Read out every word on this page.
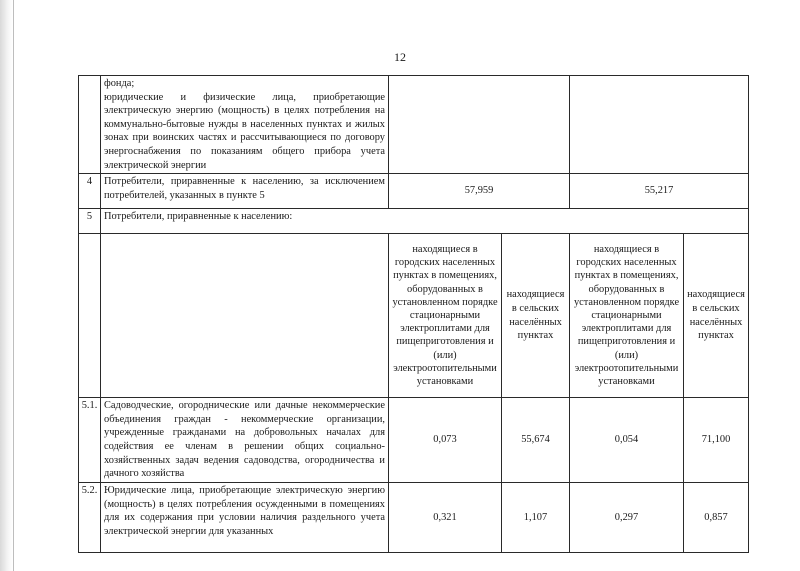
12

	фонда;
юридические и физические лица, приобретающие электрическую энергию (мощность) в целях потребления на коммунально-бытовые нужды в населенных пунктах и жилых зонах при воинских частях и рассчитывающиеся по договору энергоснабжения по показаниям общего прибора учета электрической энергии				

4	Потребители, приравненные к населению, за исключением потребителей, указанных в пункте 5	57,959		55,217	
5	Потребители, приравненные к населению:				
		находящиеся в городских населенных пунктах в помещениях, оборудованных в установленном порядке стационарными электроплитами для пищеприготовления и (или) электроотопительными установками	находящиеся в сельских населённых пунктах	находящиеся в городских населенных пунктах в помещениях, оборудованных в установленном порядке стационарными электроплитами для пищеприготовления и (или) электроотопительными установками	находящиеся в сельских населённых пунктах
5.1.	Садоводческие, огороднические или дачные некоммерческие объединения граждан - некоммерческие организации, учрежденные гражданами на добровольных началах для содействия ее членам в решении общих социально-хозяйственных задач ведения садоводства, огородничества и дачного хозяйства	0,073	55,674	0,054	71,100
5.2.	Юридические лица, приобретающие электрическую энергию (мощность) в целях потребления осужденными в помещениях для их содержания при условии наличия раздельного учета электрической энергии для указанных	0,321	1,107	0,297	0,857
